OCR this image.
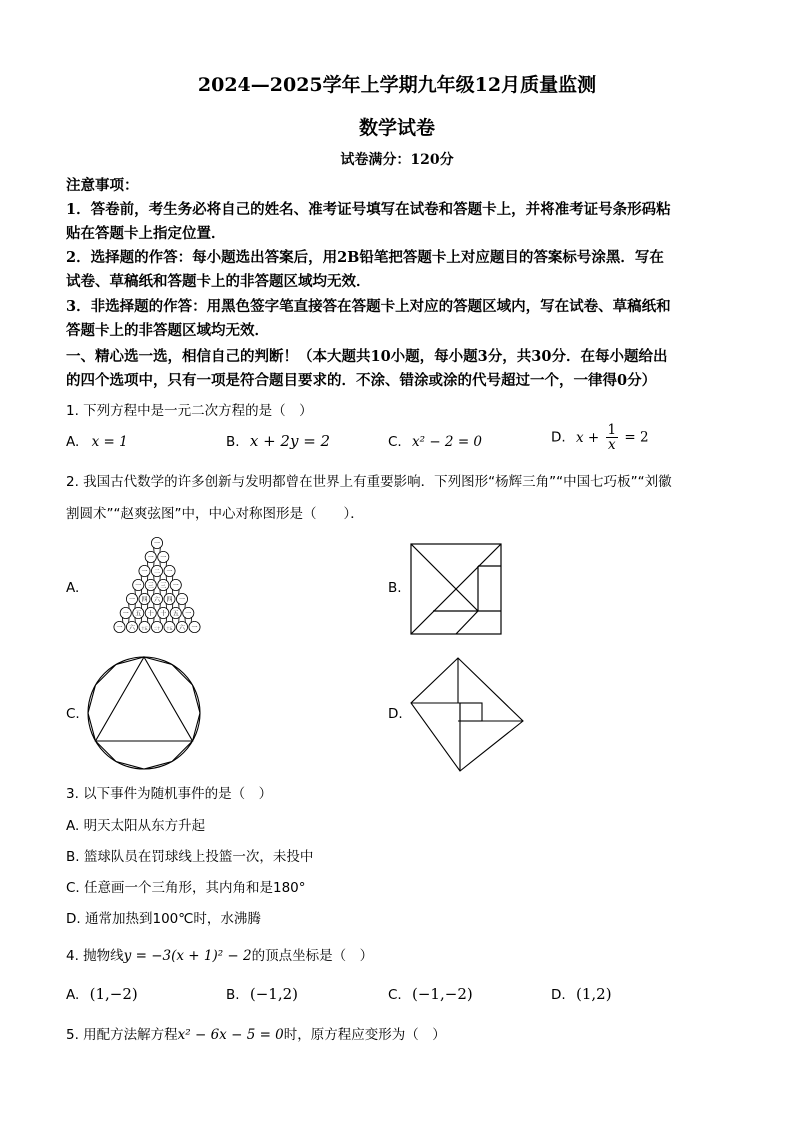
2024—2025学年上学期九年级12月质量监测
数学试卷
试卷满分：120分
注意事项：
1．答卷前，考生务必将自己的姓名、准考证号填写在试卷和答题卡上，并将准考证号条形码粘
贴在答题卡上指定位置．
2．选择题的作答：每小题选出答案后，用2B铅笔把答题卡上对应题目的答案标号涂黑．写在
试卷、草稿纸和答题卡上的非答题区域均无效．
3．非选择题的作答：用黑色签字笔直接答在答题卡上对应的答题区域内，写在试卷、草稿纸和
答题卡上的非答题区域均无效．
一、精心选一选，相信自己的判断！（本大题共10小题，每小题3分，共30分．在每小题给出
的四个选项中，只有一项是符合题目要求的．不涂、错涂或涂的代号超过一个，一律得0分）
1. 下列方程中是一元二次方程的是（　）
A. x = 1	B. x + 2y = 2	C. x² − 2 = 0	D. $x + \frac{1}{x} = 2$
2. 我国古代数学的许多创新与发明都曾在世界上有重要影响．下列图形“杨辉三角”“中国七巧板”“刘徽
割圆术”“赵爽弦图”中，中心对称图形是（　　）．
A.	B.
C.	D.
一
一 一
一 二 一
一 三 三 一
一 四 六 四 一
一 五 十 十 五 一
一 六	十五 二十 十五 六 一
3. 以下事件为随机事件的是（　）
A. 明天太阳从东方升起
B. 篮球队员在罚球线上投篮一次，未投中
C. 任意画一个三角形，其内角和是180°
D. 通常加热到100℃时，水沸腾
4. 抛物线y = −3(x + 1)² − 2的顶点坐标是（　）
A. (1,−2)	B. (−1,2)	C. (−1,−2)	D. (1,2)
5. 用配方法解方程x² − 6x − 5 = 0时，原方程应变形为（　）
